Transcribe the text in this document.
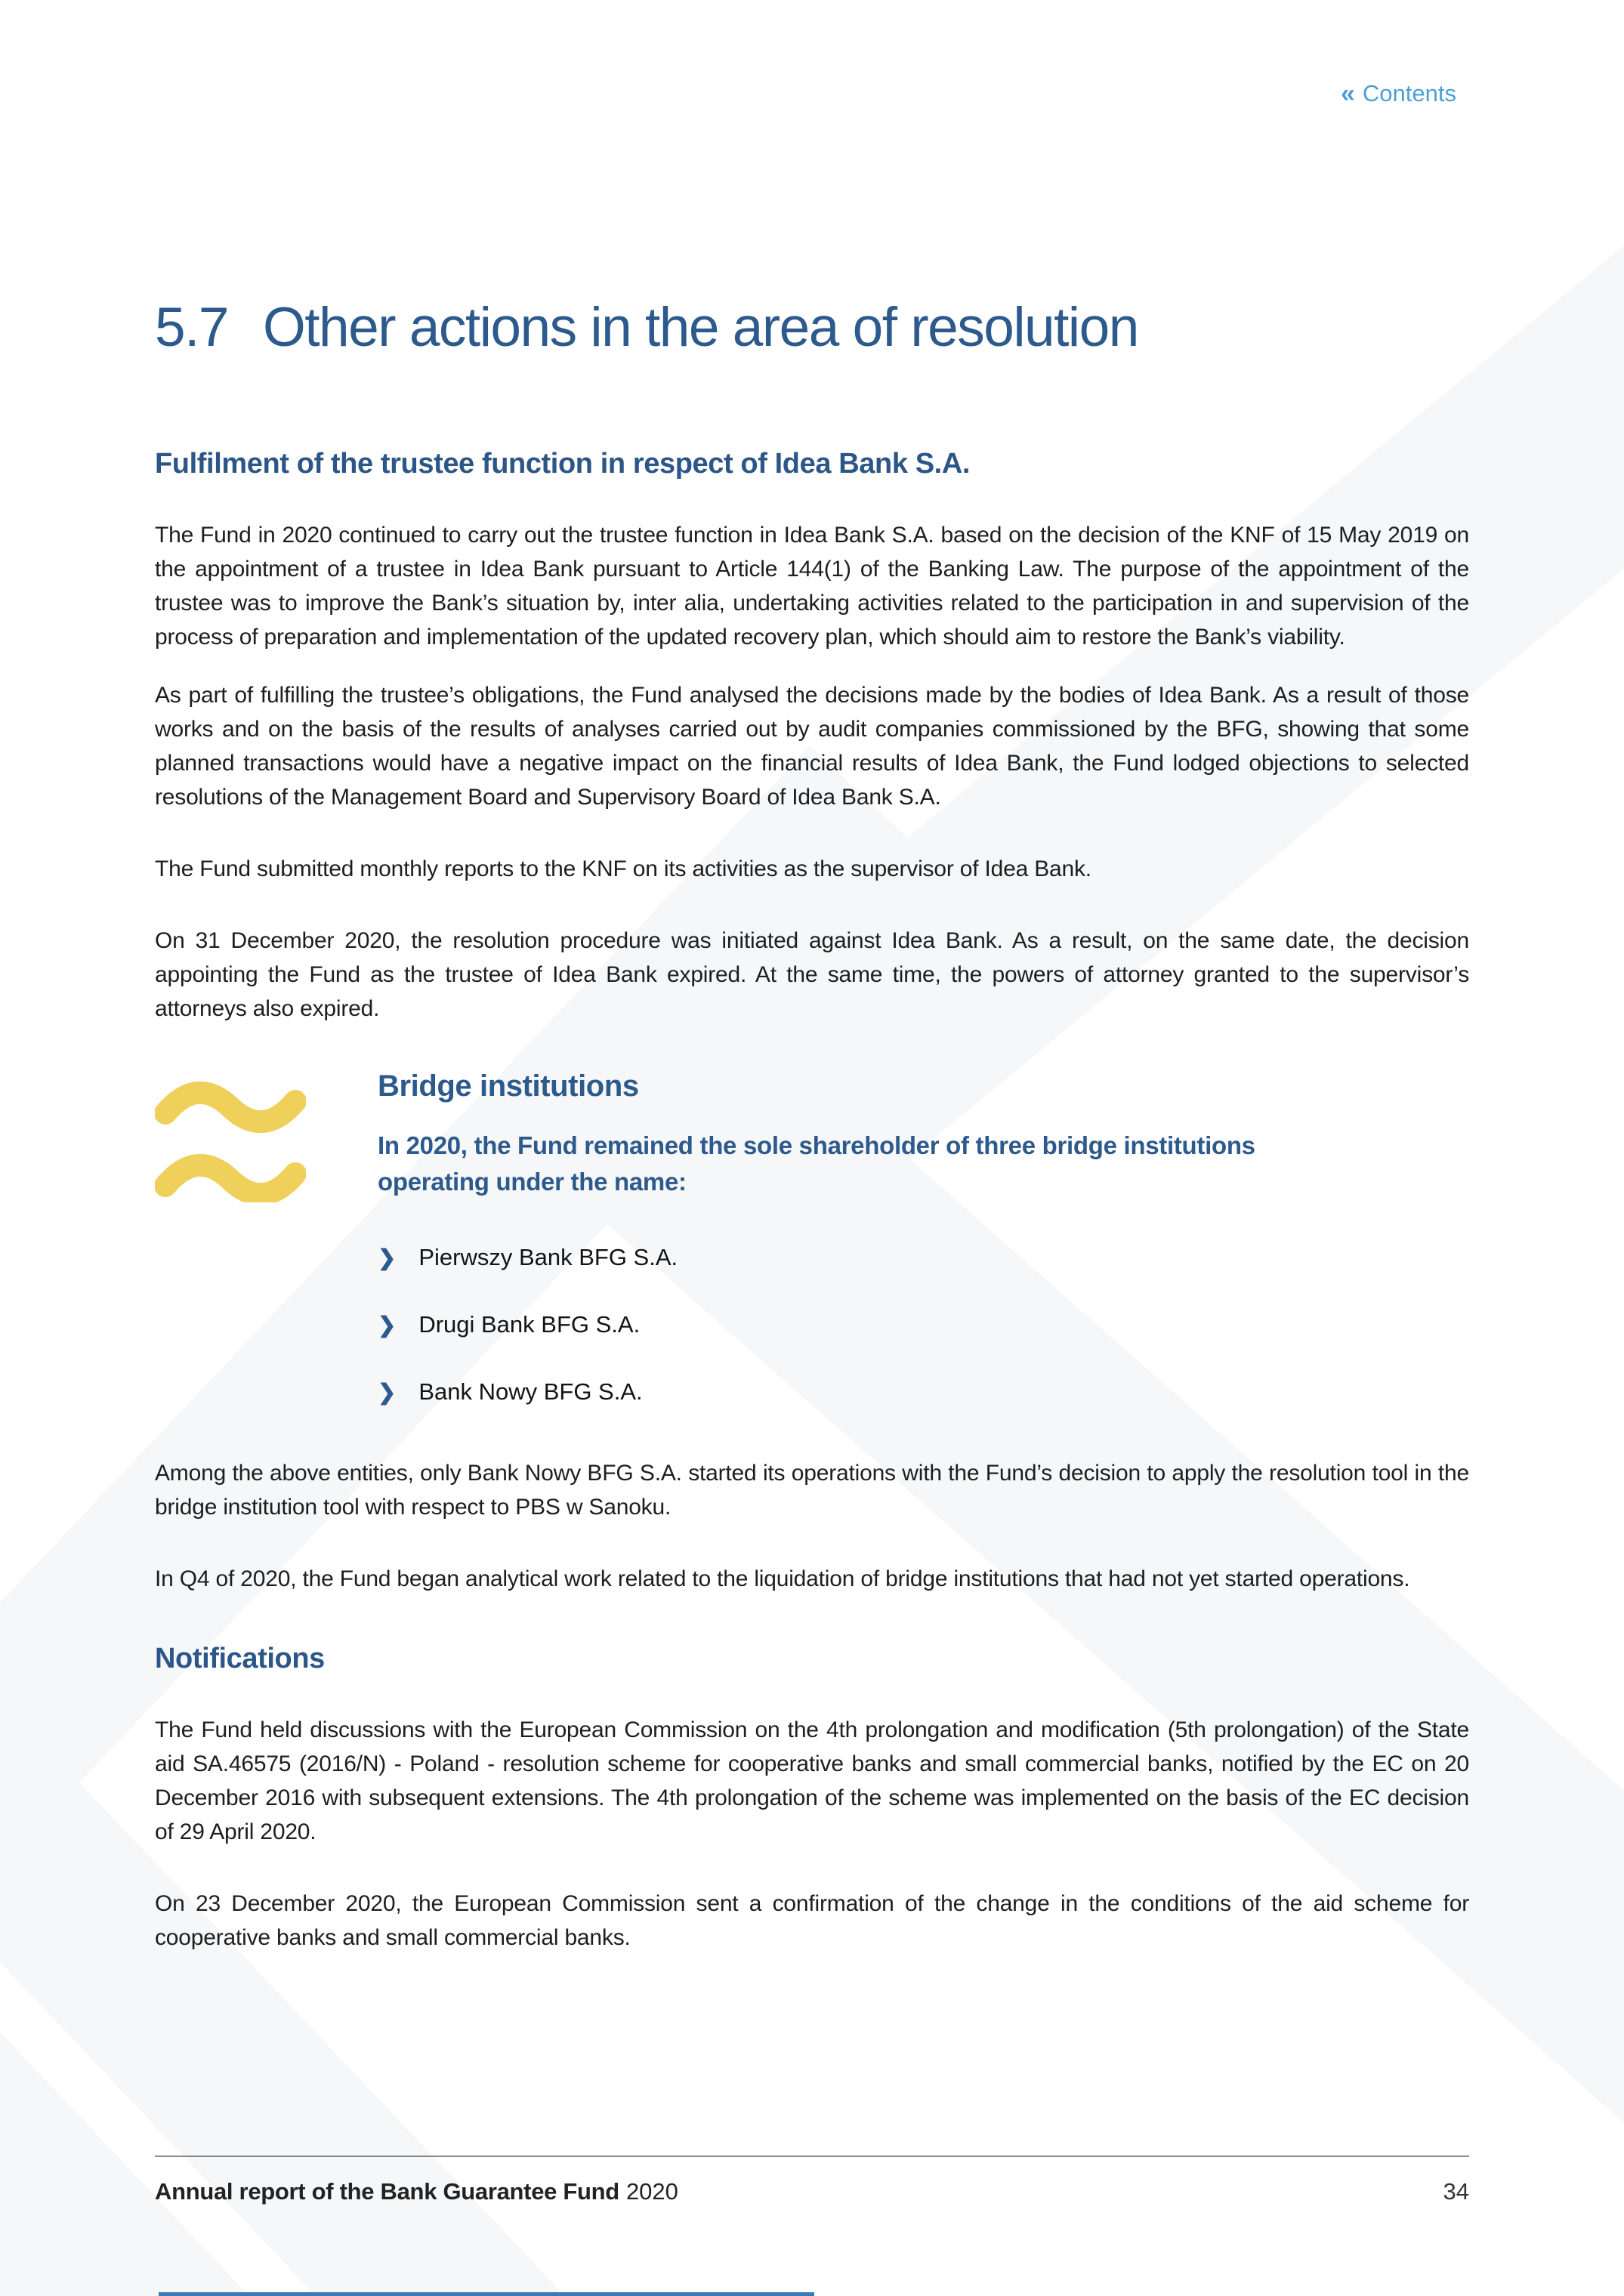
« Contents
5.7 Other actions in the area of resolution
Fulfilment of the trustee function in respect of Idea Bank S.A.

The Fund in 2020 continued to carry out the trustee function in Idea Bank S.A. based on the decision of the KNF of 15 May 2019 on the appointment of a trustee in Idea Bank pursuant to Article 144(1) of the Banking Law. The purpose of the appointment of the trustee was to improve the Bank’s situation by, inter alia, undertaking activities related to the participation in and supervision of the process of preparation and implementation of the updated recovery plan, which should aim to restore the Bank’s viability.

As part of fulfilling the trustee’s obligations, the Fund analysed the decisions made by the bodies of Idea Bank. As a result of those works and on the basis of the results of analyses carried out by audit companies commissioned by the BFG, showing that some planned transactions would have a negative impact on the financial results of Idea Bank, the Fund lodged objections to selected resolutions of the Management Board and Supervisory Board of Idea Bank S.A.

The Fund submitted monthly reports to the KNF on its activities as the supervisor of Idea Bank.

On 31 December 2020, the resolution procedure was initiated against Idea Bank. As a result, on the same date, the decision appointing the Fund as the trustee of Idea Bank expired. At the same time, the powers of attorney granted to the supervisor’s attorneys also expired.

Bridge institutions

In 2020, the Fund remained the sole shareholder of three bridge institutions operating under the name:

❯ Pierwszy Bank BFG S.A.
❯ Drugi Bank BFG S.A.
❯ Bank Nowy BFG S.A.

Among the above entities, only Bank Nowy BFG S.A. started its operations with the Fund’s decision to apply the resolution tool in the bridge institution tool with respect to PBS w Sanoku.

In Q4 of 2020, the Fund began analytical work related to the liquidation of bridge institutions that had not yet started operations.

Notifications

The Fund held discussions with the European Commission on the 4th prolongation and modification (5th prolongation) of the State aid SA.46575 (2016/N) - Poland - resolution scheme for cooperative banks and small commercial banks, notified by the EC on 20 December 2016 with subsequent extensions. The 4th prolongation of the scheme was implemented on the basis of the EC decision of 29 April 2020.

On 23 December 2020, the European Commission sent a confirmation of the change in the conditions of the aid scheme for cooperative banks and small commercial banks.

Annual report of the Bank Guarantee Fund 2020	34
